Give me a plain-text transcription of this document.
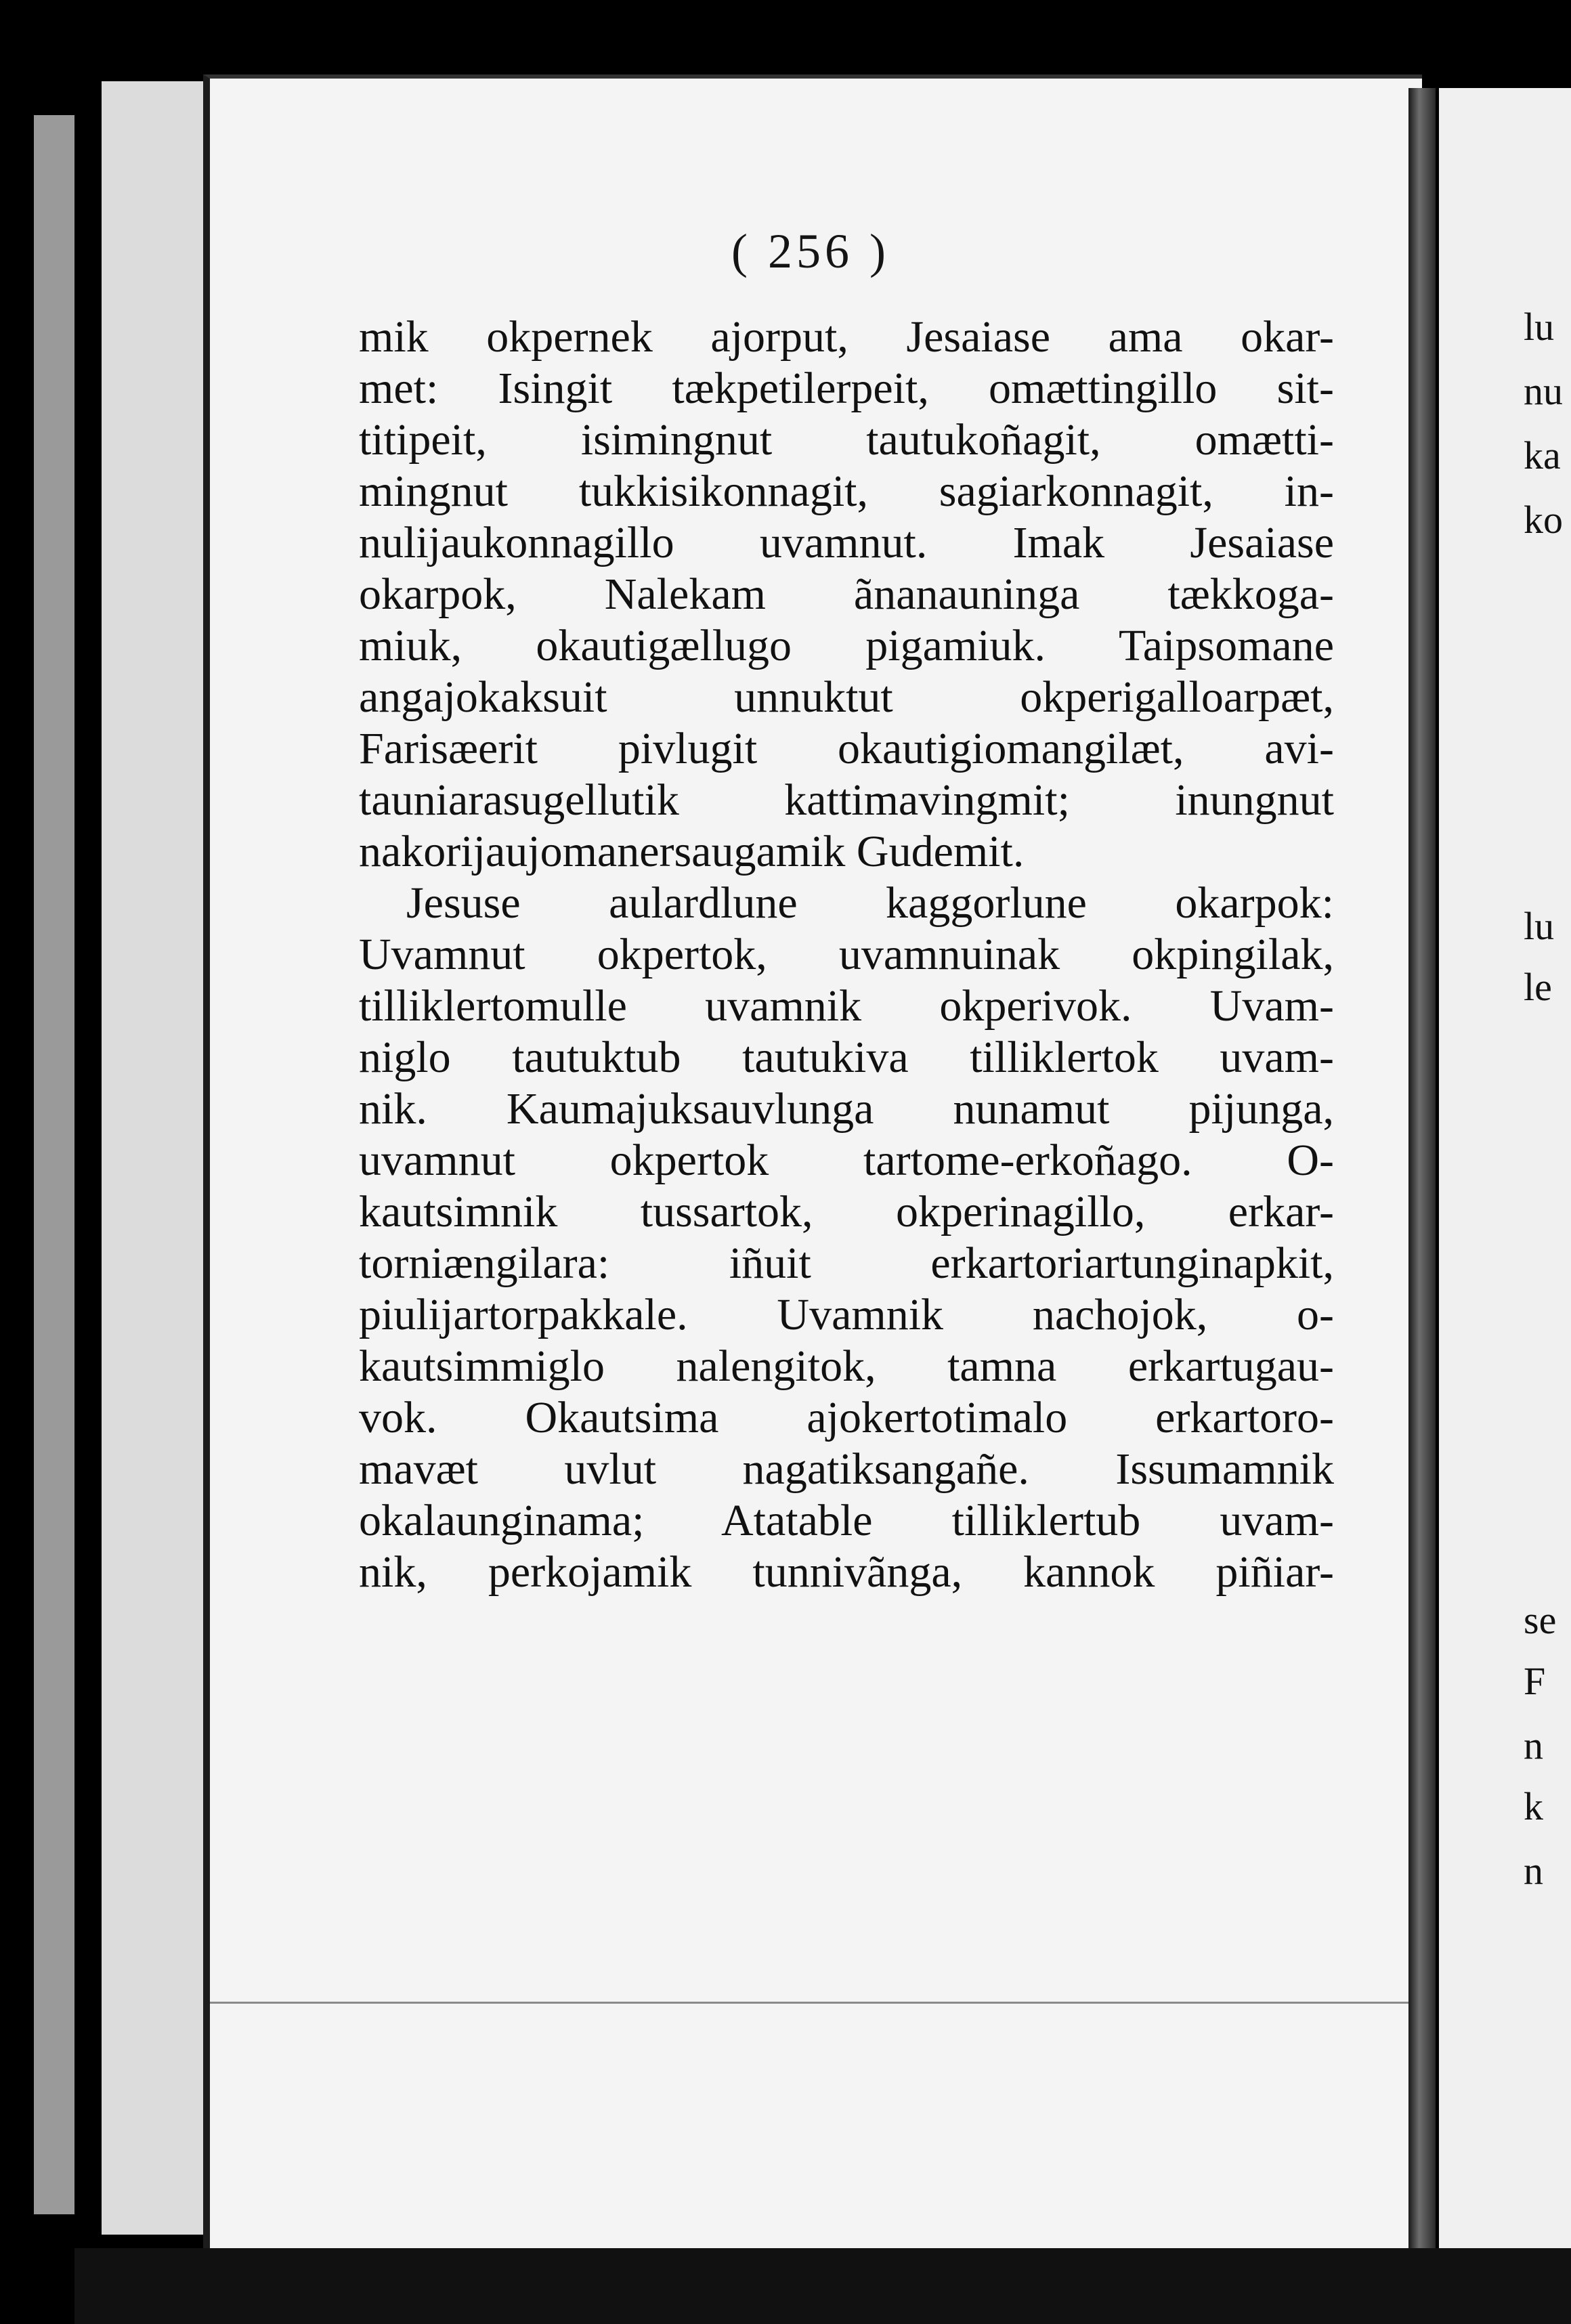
( 256 )

mik okpernek ajorput, Jesaiase ama okar-
met: Isingit tækpetilerpeit, omættingillo sit-
titipeit, isimingnut tautukoñagit, omætti-
mingnut tukkisikonnagit, sagiarkonnagit, in-
nulijaukonnagillo uvamnut. Imak Jesaiase
okarpok, Nalekam ãnanauninga tækkoga-
miuk, okautigællugo pigamiuk. Taipsomane
angajokaksuit unnuktut okperigalloarpæt,
Farisæerit pivlugit okautigiomangilæt, avi-
tauniarasugellutik kattimavingmit; inungnut
nakorijaujomanersaugamik Gudemit.
Jesuse aulardlune kaggorlune okarpok:
Uvamnut okpertok, uvamnuinak okpingilak,
tilliklertomulle uvamnik okperivok. Uvam-
niglo tautuktub tautukiva tilliklertok uvam-
nik. Kaumajuksauvlunga nunamut pijunga,
uvamnut okpertok tartome-erkoñago. O-
kautsimnik tussartok, okperinagillo, erkar-
torniængilara: iñuit erkartoriartunginapkit,
piulijartorpakkale. Uvamnik nachojok, o-
kautsimmiglo nalengitok, tamna erkartugau-
vok. Okautsima ajokertotimalo erkartoro-
mavæt uvlut nagatiksangañe. Issumamnik
okalaunginama; Atatable tilliklertub uvam-
nik, perkojamik tunnivãnga, kannok piñiar-
lu
nu
ka
ko
lu
le
se
F
n
k
n
